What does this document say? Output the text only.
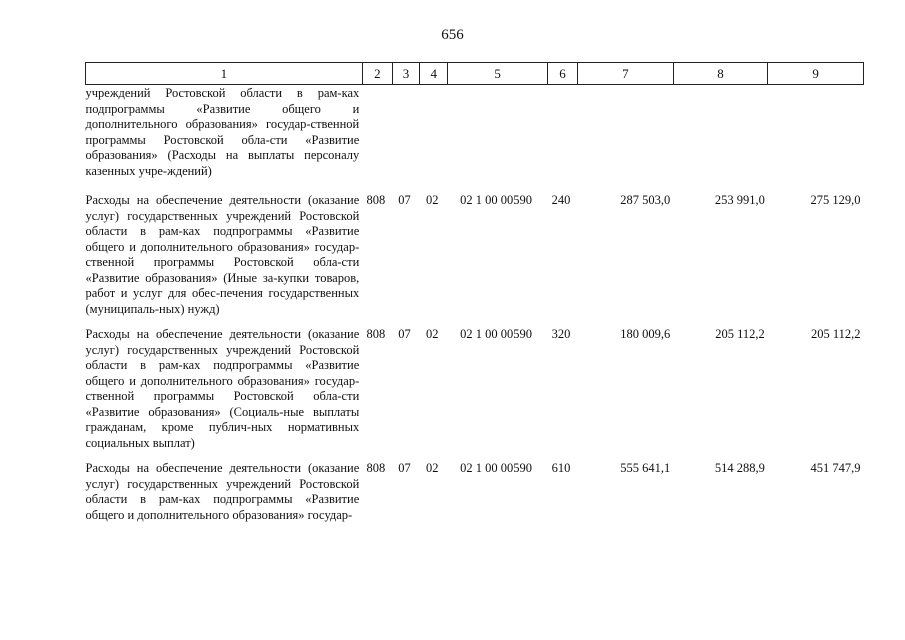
656
1	2	3	4	5	6	7	8	9
учреждений Ростовской области в рам-ках подпрограммы «Развитие общего и дополнительного образования» государ-ственной программы Ростовской обла-сти «Развитие образования» (Расходы на выплаты персоналу казенных учре-ждений)								
Расходы на обеспечение деятельности (оказание услуг) государственных учреждений Ростовской области в рам-ках подпрограммы «Развитие общего и дополнительного образования» государ-ственной программы Ростовской обла-сти «Развитие образования» (Иные за-купки товаров, работ и услуг для обес-печения государственных (муниципаль-ных) нужд)	808	07	02	02 1 00 00590	240	287 503,0	253 991,0	275 129,0
Расходы на обеспечение деятельности (оказание услуг) государственных учреждений Ростовской области в рам-ках подпрограммы «Развитие общего и дополнительного образования» государ-ственной программы Ростовской обла-сти «Развитие образования» (Социаль-ные выплаты гражданам, кроме публич-ных нормативных социальных выплат)	808	07	02	02 1 00 00590	320	180 009,6	205 112,2	205 112,2
Расходы на обеспечение деятельности (оказание услуг) государственных учреждений Ростовской области в рам-ках подпрограммы «Развитие общего и дополнительного образования» государ-	808	07	02	02 1 00 00590	610	555 641,1	514 288,9	451 747,9
